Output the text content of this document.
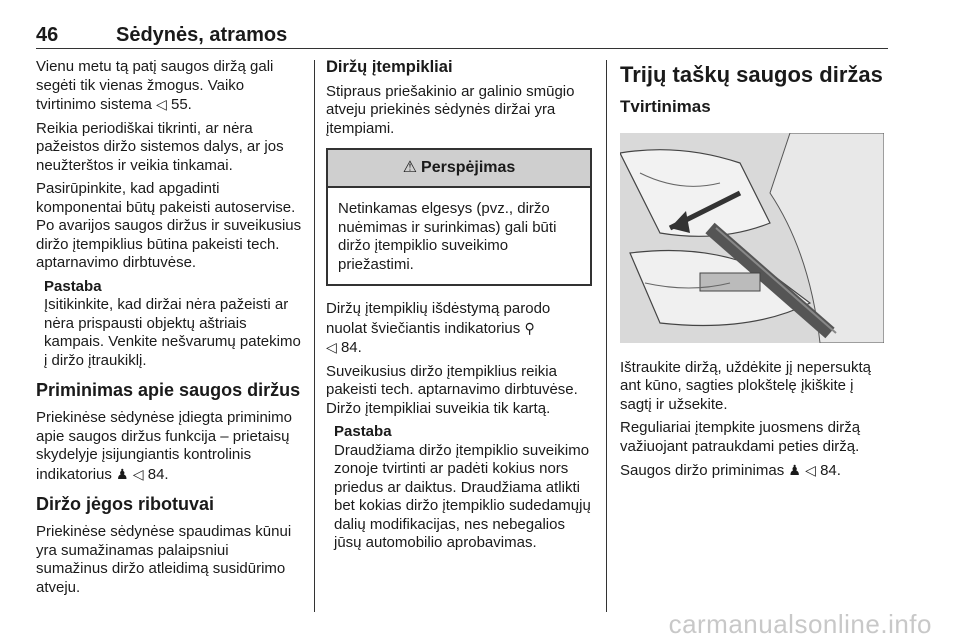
46	Sėdynės, atramos

Vienu metu tą patį saugos diržą gali segėti tik vienas žmogus. Vaiko tvirtinimo sistema ◁ 55.

Reikia periodiškai tikrinti, ar nėra pažeistos diržo sistemos dalys, ar jos neužterštos ir veikia tinkamai.

Pasirūpinkite, kad apgadinti komponentai būtų pakeisti autoservise. Po avarijos saugos diržus ir suveikusius diržo įtempiklius būtina pakeisti tech. aptarnavimo dirbtuvėse.

Pastaba

Įsitikinkite, kad diržai nėra pažeisti ar nėra prispausti objektų aštriais kampais. Venkite nešvarumų patekimo į diržo įtraukiklį.

Priminimas apie saugos diržus

Priekinėse sėdynėse įdiegta priminimo apie saugos diržus funkcija – prietaisų skydelyje įsijungiantis kontrolinis indikatorius ♟ ◁ 84.

Diržo jėgos ribotuvai

Priekinėse sėdynėse spaudimas kūnui yra sumažinamas palaipsniui sumažinus diržo atleidimą susidūrimo atveju.

Diržų įtempikliai

Stipraus priešakinio ar galinio smūgio atveju priekinės sėdynės diržai yra įtempiami.

⚠ Perspėjimas
Netinkamas elgesys (pvz., diržo nuėmimas ir surinkimas) gali būti diržo įtempiklio suveikimo priežastimi.

Diržų įtempiklių išdėstymą parodo nuolat šviečiantis indikatorius ⚲
◁ 84.

Suveikusius diržo įtempiklius reikia pakeisti tech. aptarnavimo dirbtuvėse. Diržo įtempikliai suveikia tik kartą.

Pastaba

Draudžiama diržo įtempiklio suveikimo zonoje tvirtinti ar padėti kokius nors priedus ar daiktus. Draudžiama atlikti bet kokias diržo įtempiklio sudedamųjų dalių modifikacijas, nes nebegalios jūsų automobilio aprobavimas.

Trijų taškų saugos diržas
Tvirtinimas

Ištraukite diržą, uždėkite jį nepersuktą ant kūno, sagties plokštelę įkiškite į sagtį ir užsekite.

Reguliariai įtempkite juosmens diržą važiuojant patraukdami peties diržą.

Saugos diržo priminimas ♟ ◁ 84.

carmanualsonline.info
